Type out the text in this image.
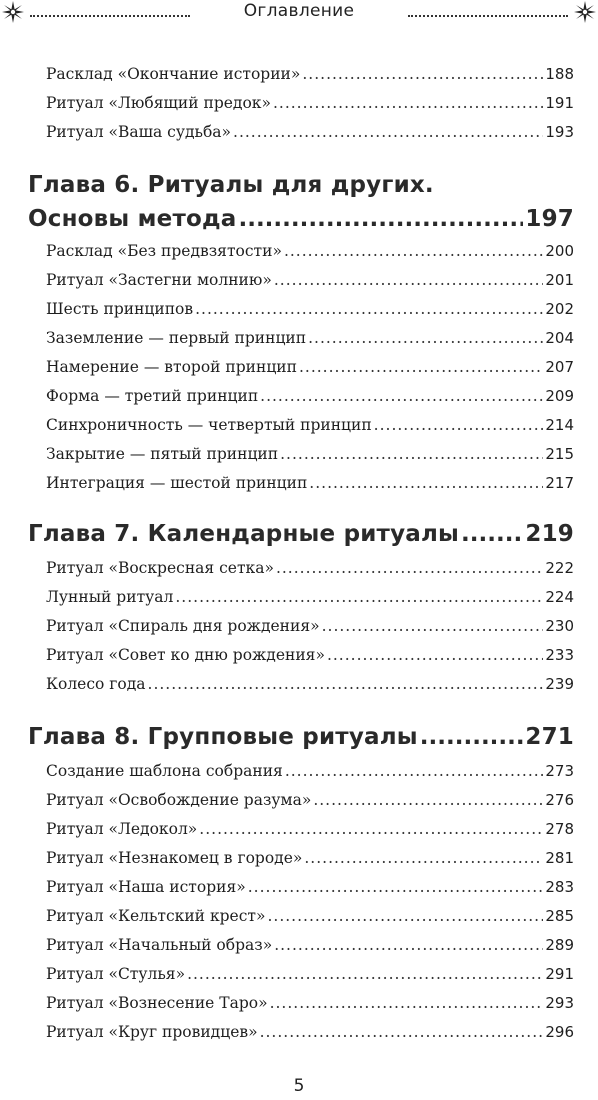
Оглавление
Расклад «Окончание истории» .....	188
Ритуал «Любящий предок» .....	191
Ритуал «Ваша судьба» .....	193
Глава 6. Ритуалы для других.
Основы метода .....	197
Расклад «Без предвзятости» .....	200
Ритуал «Застегни молнию» .....	201
Шесть принципов .....	202
Заземление — первый принцип .....	204
Намерение — второй принцип .....	207
Форма — третий принцип .....	209
Синхроничность — четвертый принцип .....	214
Закрытие — пятый принцип .....	215
Интеграция — шестой принцип .....	217
Глава 7. Календарные ритуалы .....	219
Ритуал «Воскресная сетка» .....	222
Лунный ритуал .....	224
Ритуал «Спираль дня рождения» .....	230
Ритуал «Совет ко дню рождения» .....	233
Колесо года .....	239
Глава 8. Групповые ритуалы .....	271
Создание шаблона собрания .....	273
Ритуал «Освобождение разума» .....	276
Ритуал «Ледокол» .....	278
Ритуал «Незнакомец в городе» .....	281
Ритуал «Наша история» .....	283
Ритуал «Кельтский крест» .....	285
Ритуал «Начальный образ» .....	289
Ритуал «Стулья» .....	291
Ритуал «Вознесение Таро» .....	293
Ритуал «Круг провидцев» .....	296
5
